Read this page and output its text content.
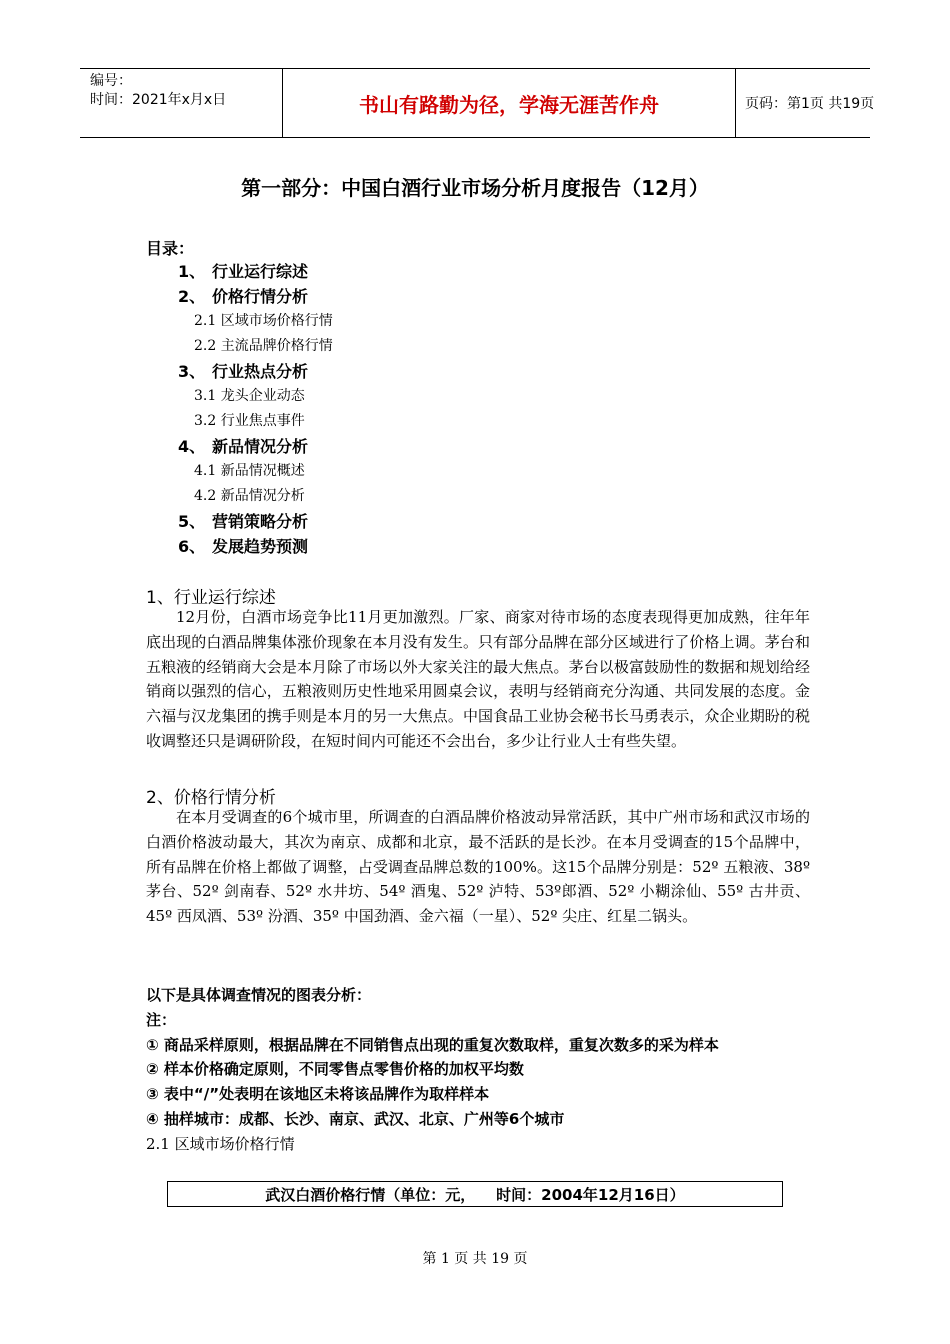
编号：
时间：2021年x月x日	书山有路勤为径，学海无涯苦作舟	页码：第1页 共19页
第一部分：中国白酒行业市场分析月度报告（12月）
目录：
1、 行业运行综述
2、 价格行情分析
2.1 区域市场价格行情
2.2 主流品牌价格行情
3、 行业热点分析
3.1 龙头企业动态
3.2 行业焦点事件
4、 新品情况分析
4.1 新品情况概述
4.2 新品情况分析
5、 营销策略分析
6、 发展趋势预测
1、行业运行综述
12月份，白酒市场竞争比11月更加激烈。厂家、商家对待市场的态度表现得更加成熟，往年年底出现的白酒品牌集体涨价现象在本月没有发生。只有部分品牌在部分区域进行了价格上调。茅台和五粮液的经销商大会是本月除了市场以外大家关注的最大焦点。茅台以极富鼓励性的数据和规划给经销商以强烈的信心，五粮液则历史性地采用圆桌会议，表明与经销商充分沟通、共同发展的态度。金六福与汉龙集团的携手则是本月的另一大焦点。中国食品工业协会秘书长马勇表示，众企业期盼的税收调整还只是调研阶段，在短时间内可能还不会出台，多少让行业人士有些失望。
2、价格行情分析
在本月受调查的6个城市里，所调查的白酒品牌价格波动异常活跃，其中广州市场和武汉市场的白酒价格波动最大，其次为南京、成都和北京，最不活跃的是长沙。在本月受调查的15个品牌中，所有品牌在价格上都做了调整，占受调查品牌总数的100%。这15个品牌分别是：52º 五粮液、38º 茅台、52º 剑南春、52º 水井坊、54º 酒鬼、52º 泸特、53º郎酒、52º 小糊涂仙、55º 古井贡、45º 西凤酒、53º 汾酒、35º 中国劲酒、金六福（一星）、52º 尖庄、红星二锅头。
以下是具体调查情况的图表分析：
注：
① 商品采样原则，根据品牌在不同销售点出现的重复次数取样，重复次数多的采为样本
② 样本价格确定原则，不同零售点零售价格的加权平均数
③ 表中“/”处表明在该地区未将该品牌作为取样样本
④ 抽样城市：成都、长沙、南京、武汉、北京、广州等6个城市
2.1 区域市场价格行情
武汉白酒价格行情（单位：元，    时间：2004年12月16日）
第 1 页 共 19 页
